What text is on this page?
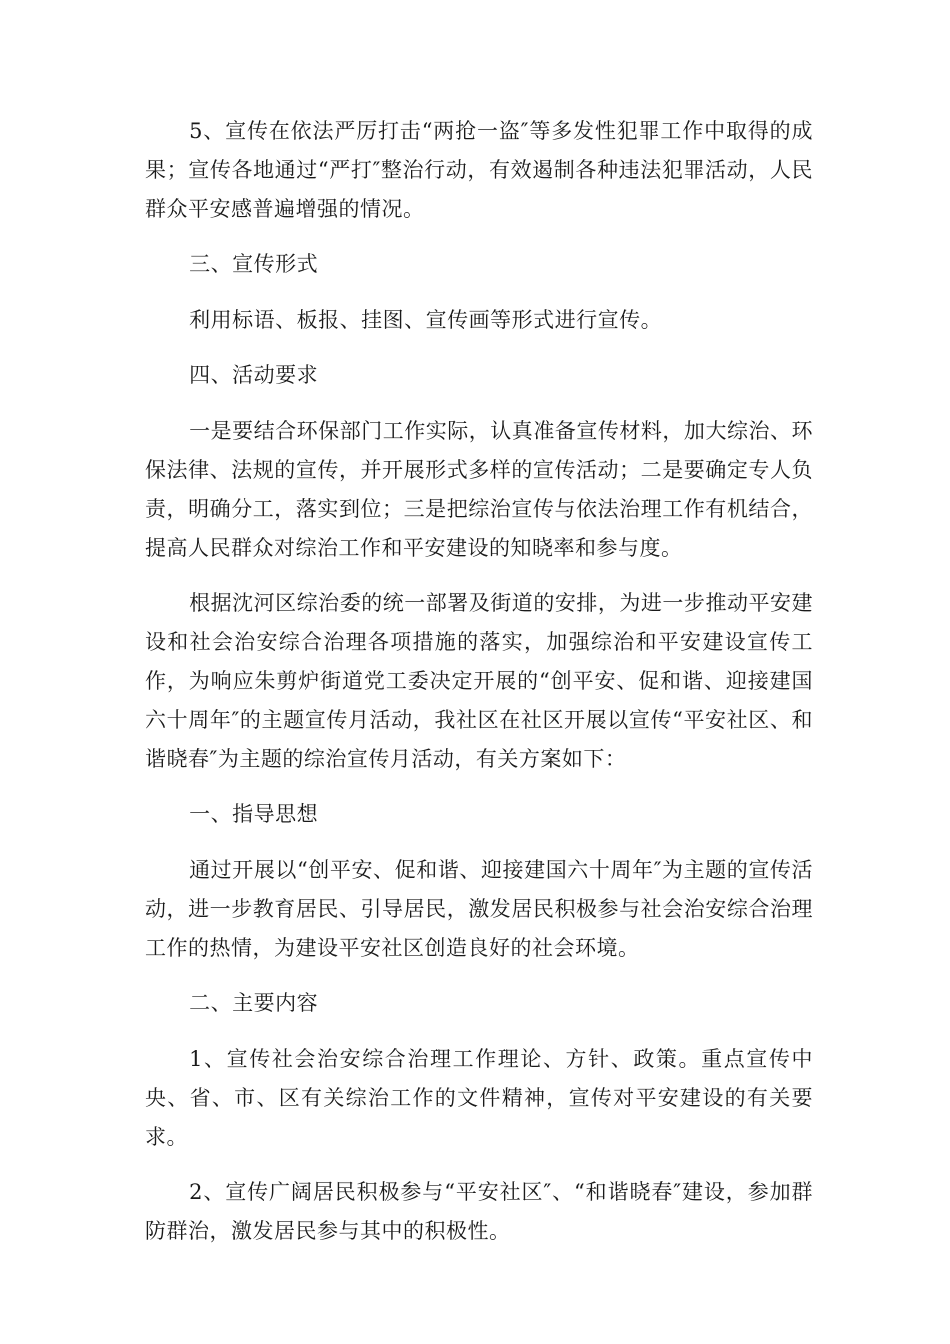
5、宣传在依法严厉打击“两抢一盗″等多发性犯罪工作中取得的成果；宣传各地通过“严打″整治行动，有效遏制各种违法犯罪活动，人民群众平安感普遍增强的情况。

三、宣传形式

利用标语、板报、挂图、宣传画等形式进行宣传。

四、活动要求

一是要结合环保部门工作实际，认真准备宣传材料，加大综治、环保法律、法规的宣传，并开展形式多样的宣传活动；二是要确定专人负责，明确分工，落实到位；三是把综治宣传与依法治理工作有机结合，提高人民群众对综治工作和平安建设的知晓率和参与度。

根据沈河区综治委的统一部署及街道的安排，为进一步推动平安建设和社会治安综合治理各项措施的落实，加强综治和平安建设宣传工作，为响应朱剪炉街道党工委决定开展的“创平安、促和谐、迎接建国六十周年″的主题宣传月活动，我社区在社区开展以宣传“平安社区、和谐晓春″为主题的综治宣传月活动，有关方案如下：

一、指导思想

通过开展以“创平安、促和谐、迎接建国六十周年″为主题的宣传活动，进一步教育居民、引导居民，激发居民积极参与社会治安综合治理工作的热情，为建设平安社区创造良好的社会环境。

二、主要内容

1、宣传社会治安综合治理工作理论、方针、政策。重点宣传中央、省、市、区有关综治工作的文件精神，宣传对平安建设的有关要求。

2、宣传广阔居民积极参与“平安社区″、“和谐晓春″建设，参加群防群治，激发居民参与其中的积极性。
